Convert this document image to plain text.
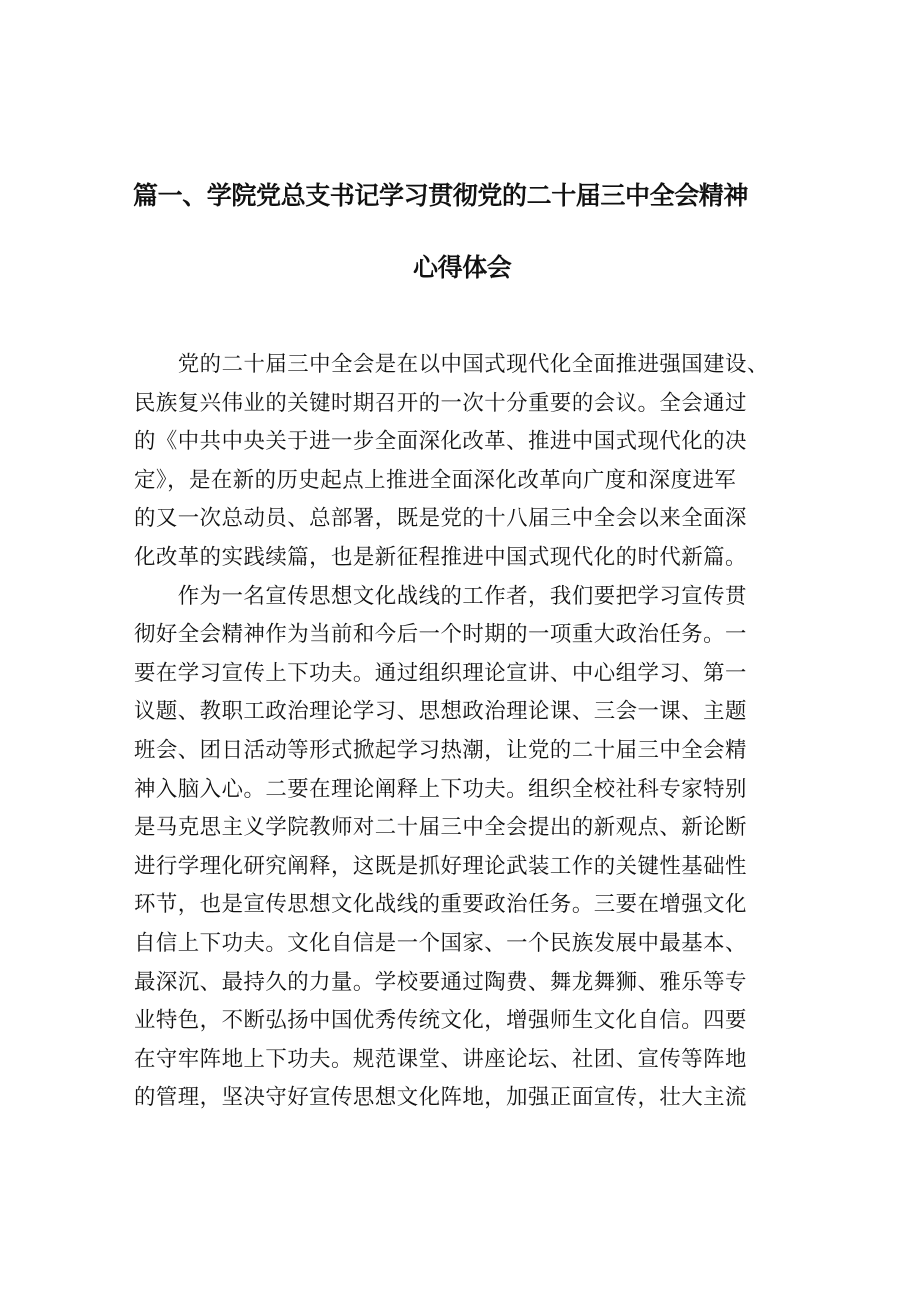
篇一、学院党总支书记学习贯彻党的二十届三中全会精神
心得体会

　　党的二十届三中全会是在以中国式现代化全面推进强国建设、
民族复兴伟业的关键时期召开的一次十分重要的会议。全会通过
的《中共中央关于进一步全面深化改革、推进中国式现代化的决
定》，是在新的历史起点上推进全面深化改革向广度和深度进军
的又一次总动员、总部署，既是党的十八届三中全会以来全面深
化改革的实践续篇，也是新征程推进中国式现代化的时代新篇。

　　作为一名宣传思想文化战线的工作者，我们要把学习宣传贯
彻好全会精神作为当前和今后一个时期的一项重大政治任务。一
要在学习宣传上下功夫。通过组织理论宣讲、中心组学习、第一
议题、教职工政治理论学习、思想政治理论课、三会一课、主题
班会、团日活动等形式掀起学习热潮，让党的二十届三中全会精
神入脑入心。二要在理论阐释上下功夫。组织全校社科专家特别
是马克思主义学院教师对二十届三中全会提出的新观点、新论断
进行学理化研究阐释，这既是抓好理论武装工作的关键性基础性
环节，也是宣传思想文化战线的重要政治任务。三要在增强文化
自信上下功夫。文化自信是一个国家、一个民族发展中最基本、
最深沉、最持久的力量。学校要通过陶费、舞龙舞狮、雅乐等专
业特色，不断弘扬中国优秀传统文化，增强师生文化自信。四要
在守牢阵地上下功夫。规范课堂、讲座论坛、社团、宣传等阵地
的管理，坚决守好宣传思想文化阵地，加强正面宣传，壮大主流
